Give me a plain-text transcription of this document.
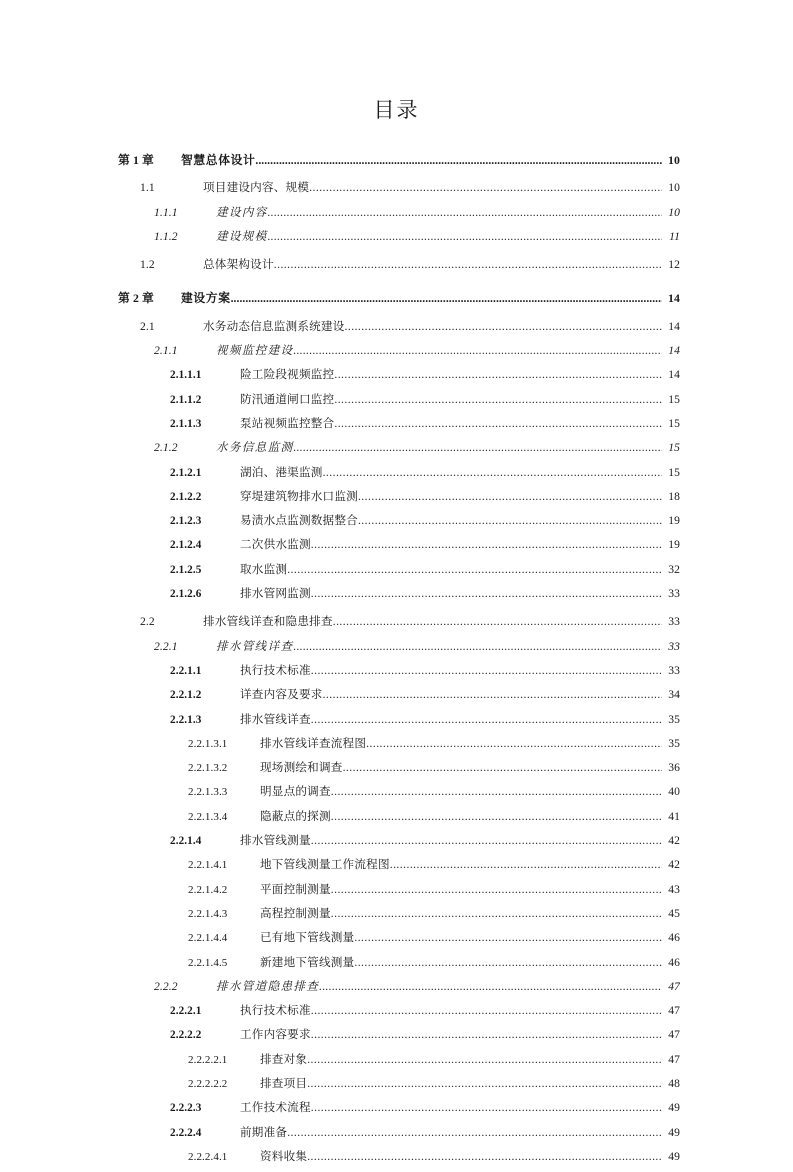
目录
第 1 章	智慧总体设计 .....	10
1.1	项目建设内容、规模 .....	10
1.1.1	建设内容 .....	10
1.1.2	建设规模 .....	11
1.2	总体架构设计 .....	12
第 2 章	建设方案 .....	14
2.1	水务动态信息监测系统建设 .....	14
2.1.1	视频监控建设 .....	14
2.1.1.1	险工险段视频监控 .....	14
2.1.1.2	防汛通道闸口监控 .....	15
2.1.1.3	泵站视频监控整合 .....	15
2.1.2	水务信息监测 .....	15
2.1.2.1	湖泊、港渠监测 .....	15
2.1.2.2	穿堤建筑物排水口监测 .....	18
2.1.2.3	易渍水点监测数据整合 .....	19
2.1.2.4	二次供水监测 .....	19
2.1.2.5	取水监测 .....	32
2.1.2.6	排水管网监测 .....	33
2.2	排水管线详查和隐患排查 .....	33
2.2.1	排水管线详查 .....	33
2.2.1.1	执行技术标准 .....	33
2.2.1.2	详查内容及要求 .....	34
2.2.1.3	排水管线详查 .....	35
2.2.1.3.1	排水管线详查流程图 .....	35
2.2.1.3.2	现场测绘和调查 .....	36
2.2.1.3.3	明显点的调查 .....	40
2.2.1.3.4	隐蔽点的探测 .....	41
2.2.1.4	排水管线测量 .....	42
2.2.1.4.1	地下管线测量工作流程图 .....	42
2.2.1.4.2	平面控制测量 .....	43
2.2.1.4.3	高程控制测量 .....	45
2.2.1.4.4	已有地下管线测量 .....	46
2.2.1.4.5	新建地下管线测量 .....	46
2.2.2	排水管道隐患排查 .....	47
2.2.2.1	执行技术标准 .....	47
2.2.2.2	工作内容要求 .....	47
2.2.2.2.1	排查对象 .....	47
2.2.2.2.2	排查项目 .....	48
2.2.2.3	工作技术流程 .....	49
2.2.2.4	前期准备 .....	49
2.2.2.4.1	资料收集 .....	49
